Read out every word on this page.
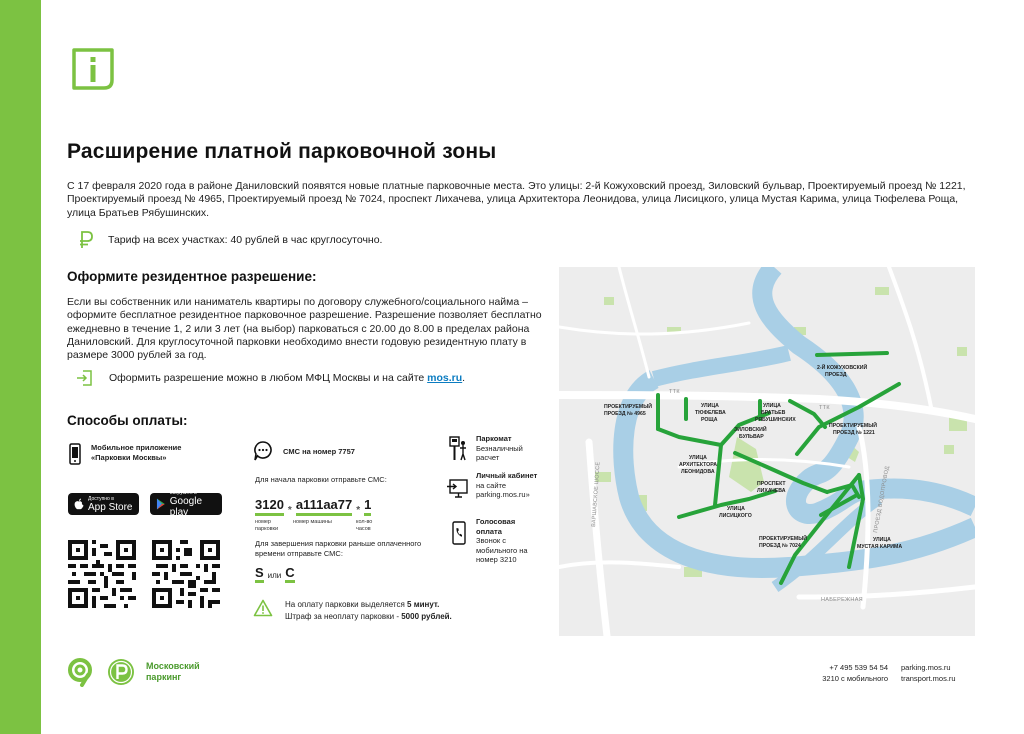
Расширение платной парковочной зоны
С 17 февраля 2020 года в районе Даниловский появятся новые платные парковочные места. Это улицы: 2-й Кожуховский проезд, Зиловский бульвар, Проектируемый проезд № 1221, Проектируемый проезд № 4965, Проектируемый проезд № 7024, проспект Лихачева, улица Архитектора Леонидова, улица Лисицкого, улица Мустая Карима, улица Тюфелева Роща, улица Братьев Рябушинских.
Тариф на всех участках: 40 рублей в час круглосуточно.
Оформите резидентное разрешение:
Если вы собственник или наниматель квартиры по договору служебного/социального найма – оформите бесплатное резидентное парковочное разрешение. Разрешение позволяет бесплатно ежедневно в течение 1, 2 или 3 лет (на выбор) парковаться с 20.00 до 8.00 в пределах района Даниловский. Для круглосуточной парковки необходимо внести годовую резидентную плату в размере 3000 рублей за год.
Оформить разрешение можно в любом МФЦ Москвы и на сайте mos.ru.
Способы оплаты:
Мобильное приложение
«Парковки Москвы»
Доступно в
App Store
Загрузите в
Google play
СМС на номер 7757
Для начала парковки отправьте СМС:
3120 * а111аа77 * 1
номер парковки
номер машины	кол-во часов
Для завершения парковки раньше оплаченного времени отправьте СМС:
S или C
На оплату парковки выделяется 5 минут.
Штраф за неоплату парковки - 5000 рублей.
Паркомат
Безналичный расчет
Личный кабинет
на сайте parking.mos.ru»
Голосовая оплата
Звонок с мобильного на номер 3210
2-Й КОЖУХОВСКИЙ ПРОЕЗД
ПРОЕКТИРУЕМЫЙ ПРОЕЗД № 4965
УЛИЦА ТЮФЕЛЕВА РОЩА
УЛИЦА БРАТЬЕВ РЯБУШИНСКИХ
ПРОЕКТИРУЕМЫЙ ПРОЕЗД № 1221
ЗИЛОВСКИЙ БУЛЬВАР
УЛИЦА АРХИТЕКТОРА ЛЕОНИДОВА
ПРОСПЕКТ ЛИХАЧЕВА
УЛИЦА ЛИСИЦКОГО
ПРОЕКТИРУЕМЫЙ ПРОЕЗД № 7024
УЛИЦА МУСТАЯ КАРИМА
ТТК
ТТК
ВАРШАВСКОЕ ШОССЕ	ПРОЕЗД ВОДОПРОВОД
НАБЕРЕЖНАЯ
Московский
паркинг
+7 495 539 54 54
3210 с мобильного
parking.mos.ru
transport.mos.ru
